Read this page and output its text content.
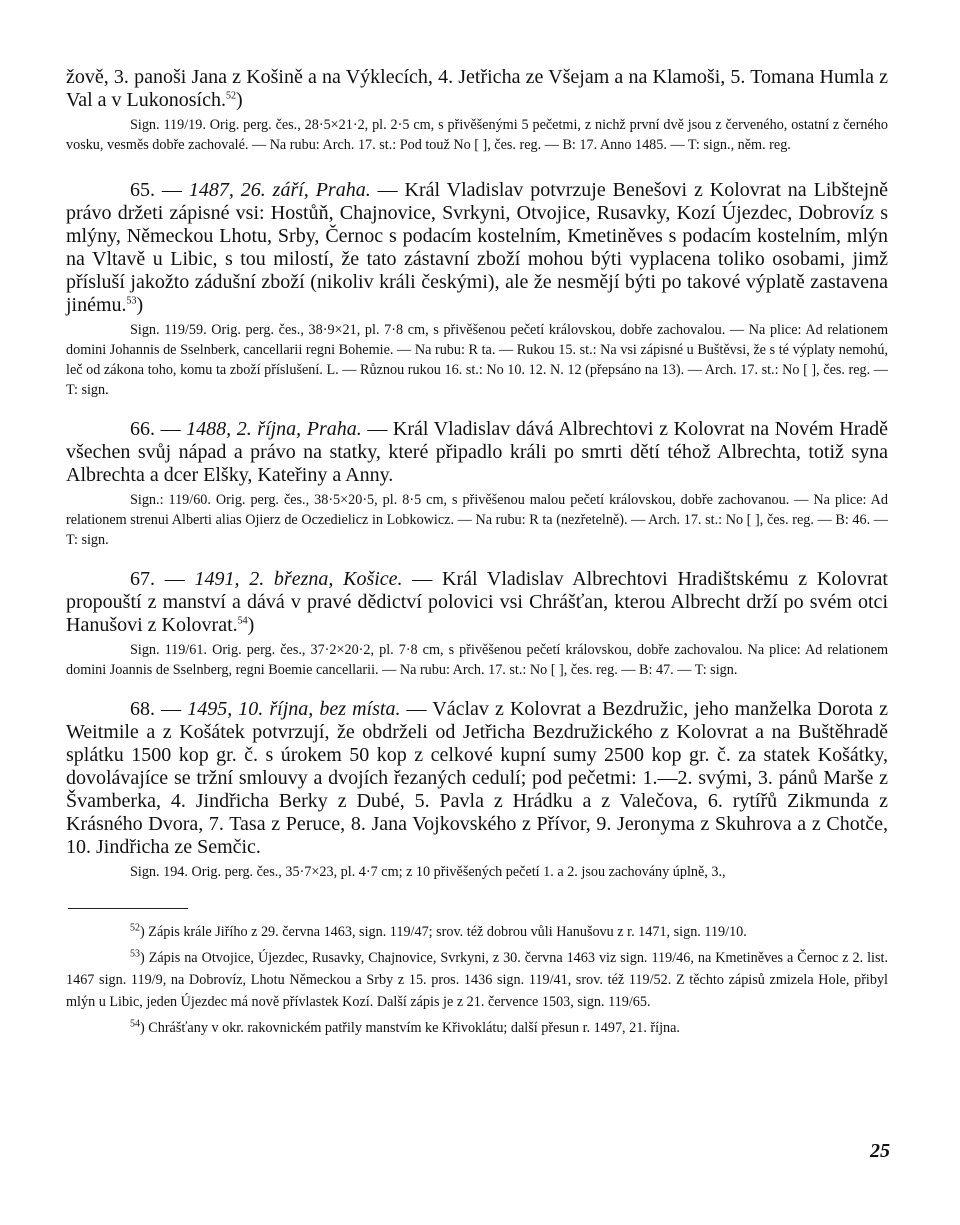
žově, 3. panoši Jana z Košině a na Výklecích, 4. Jetřicha ze Všejam a na Klamoši, 5. Tomana Humla z Val a v Lukonosích.$^{52}$)

Sign. 119/19. Orig. perg. čes., 28·5×21·2, pl. 2·5 cm, s přivěšenými 5 pečetmi, z nichž první dvě jsou z červeného, ostatní z černého vosku, vesměs dobře zachovalé. — Na rubu: Arch. 17. st.: Pod touž No [ ], čes. reg. — B: 17. Anno 1485. — T: sign., něm. reg.

65. — 1487, 26. září, Praha. — Král Vladislav potvrzuje Benešovi z Kolovrat na Libštejně právo držeti zápisné vsi: Hostůň, Chajnovice, Svrkyni, Otvojice, Rusavky, Kozí Újezdec, Dobrovíz s mlýny, Německou Lhotu, Srby, Černoc s podacím kostelním, Kmetiněves s podacím kostelním, mlýn na Vltavě u Libic, s tou milostí, že tato zástavní zboží mohou býti vyplacena toliko osobami, jimž přísluší jakožto zádušní zboží (nikoliv králi českými), ale že nesmějí býti po takové výplatě zastavena jinému.$^{53}$)

Sign. 119/59. Orig. perg. čes., 38·9×21, pl. 7·8 cm, s přivěšenou pečetí královskou, dobře zachovalou. — Na plice: Ad relationem domini Johannis de Sselnberk, cancellarii regni Bohemie. — Na rubu: R ta. — Rukou 15. st.: Na vsi zápisné u Buštěvsi, že s té výplaty nemohú, leč od zákona toho, komu ta zboží příslušení. L. — Různou rukou 16. st.: No 10. 12. N. 12 (přepsáno na 13). — Arch. 17. st.: No [ ], čes. reg. — T: sign.

66. — 1488, 2. října, Praha. — Král Vladislav dává Albrechtovi z Kolovrat na Novém Hradě všechen svůj nápad a právo na statky, které připadlo králi po smrti dětí téhož Albrechta, totiž syna Albrechta a dcer Elšky, Kateřiny a Anny.

Sign.: 119/60. Orig. perg. čes., 38·5×20·5, pl. 8·5 cm, s přivěšenou malou pečetí královskou, dobře zachovanou. — Na plice: Ad relationem strenui Alberti alias Ojierz de Oczedielicz in Lobkowicz. — Na rubu: R ta (nezřetelně). — Arch. 17. st.: No [ ], čes. reg. — B: 46. — T: sign.

67. — 1491, 2. března, Košice. — Král Vladislav Albrechtovi Hradištskému z Kolovrat propouští z manství a dává v pravé dědictví polovici vsi Chrášťan, kterou Albrecht drží po svém otci Hanušovi z Kolovrat.$^{54}$)

Sign. 119/61. Orig. perg. čes., 37·2×20·2, pl. 7·8 cm, s přivěšenou pečetí královskou, dobře zachovalou. Na plice: Ad relationem domini Joannis de Sselnberg, regni Boemie cancellarii. — Na rubu: Arch. 17. st.: No [ ], čes. reg. — B: 47. — T: sign.

68. — 1495, 10. října, bez místa. — Václav z Kolovrat a Bezdružic, jeho manželka Dorota z Weitmile a z Košátek potvrzují, že obdrželi od Jetřicha Bezdružického z Kolovrat a na Buštěhradě splátku 1500 kop gr. č. s úrokem 50 kop z celkové kupní sumy 2500 kop gr. č. za statek Košátky, dovolávajíce se tržní smlouvy a dvojích řezaných cedulí; pod pečetmi: 1.—2. svými, 3. pánů Marše z Švamberka, 4. Jindřicha Berky z Dubé, 5. Pavla z Hrádku a z Valečova, 6. rytířů Zikmunda z Krásného Dvora, 7. Tasa z Peruce, 8. Jana Vojkovského z Přívor, 9. Jeronyma z Skuhrova a z Chotče, 10. Jindřicha ze Semčic.

Sign. 194. Orig. perg. čes., 35·7×23, pl. 4·7 cm; z 10 přivěšených pečetí 1. a 2. jsou zachovány úplně, 3.,

$^{52}$) Zápis krále Jiřího z 29. června 1463, sign. 119/47; srov. též dobrou vůli Hanušovu z r. 1471, sign. 119/10.

$^{53}$) Zápis na Otvojice, Újezdec, Rusavky, Chajnovice, Svrkyni, z 30. června 1463 viz sign. 119/46, na Kmetiněves a Černoc z 2. list. 1467 sign. 119/9, na Dobrovíz, Lhotu Německou a Srby z 15. pros. 1436 sign. 119/41, srov. též 119/52. Z těchto zápisů zmizela Hole, přibyl mlýn u Libic, jeden Újezdec má nově přívlastek Kozí. Další zápis je z 21. července 1503, sign. 119/65.

$^{54}$) Chrášťany v okr. rakovnickém patřily manstvím ke Křivoklátu; další přesun r. 1497, 21. října.

25
